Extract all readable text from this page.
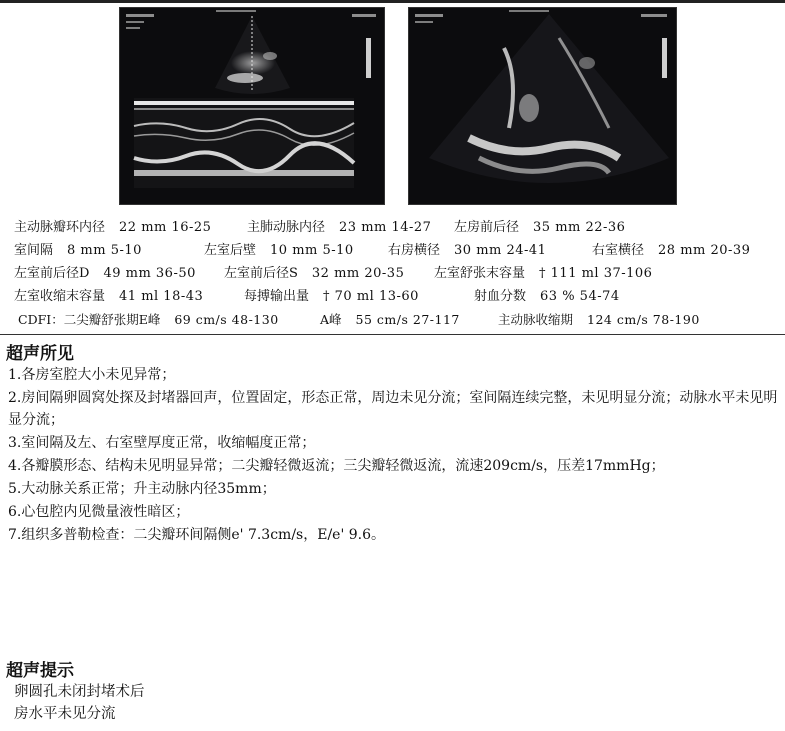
主动脉瓣环内径 22 mm 16-25	主肺动脉内径 23 mm 14-27 左房前后径 35 mm 22-36
室间隔 8 mm 5-10	左室后壁 10 mm 5-10	右房横径 30 mm 24-41	右室横径 28 mm 20-39
左室前后径D 49 mm 36-50 左室前后径S 32 mm 20-35 左室舒张末容量 † 111 ml 37-106
左室收缩末容量 41 ml 18-43	每搏输出量 † 70 ml 13-60	射血分数 63 % 54-74
CDFI：二尖瓣舒张期E峰 69 cm/s 48-130	A峰 55 cm/s 27-117	主动脉收缩期 124 cm/s 78-190
超声所见

1.各房室腔大小未见异常；

2.房间隔卵圆窝处探及封堵器回声，位置固定，形态正常，周边未见分流；室间隔连续完整，未见明显分流；动脉水平未见明显分流；

3.室间隔及左、右室壁厚度正常，收缩幅度正常；

4.各瓣膜形态、结构未见明显异常；二尖瓣轻微返流；三尖瓣轻微返流，流速209cm/s，压差17mmHg；

5.大动脉关系正常；升主动脉内径35mm；

6.心包腔内见微量液性暗区；

7.组织多普勒检查：二尖瓣环间隔侧e' 7.3cm/s，E/e' 9.6。

超声提示
卵圆孔未闭封堵术后
房水平未见分流
